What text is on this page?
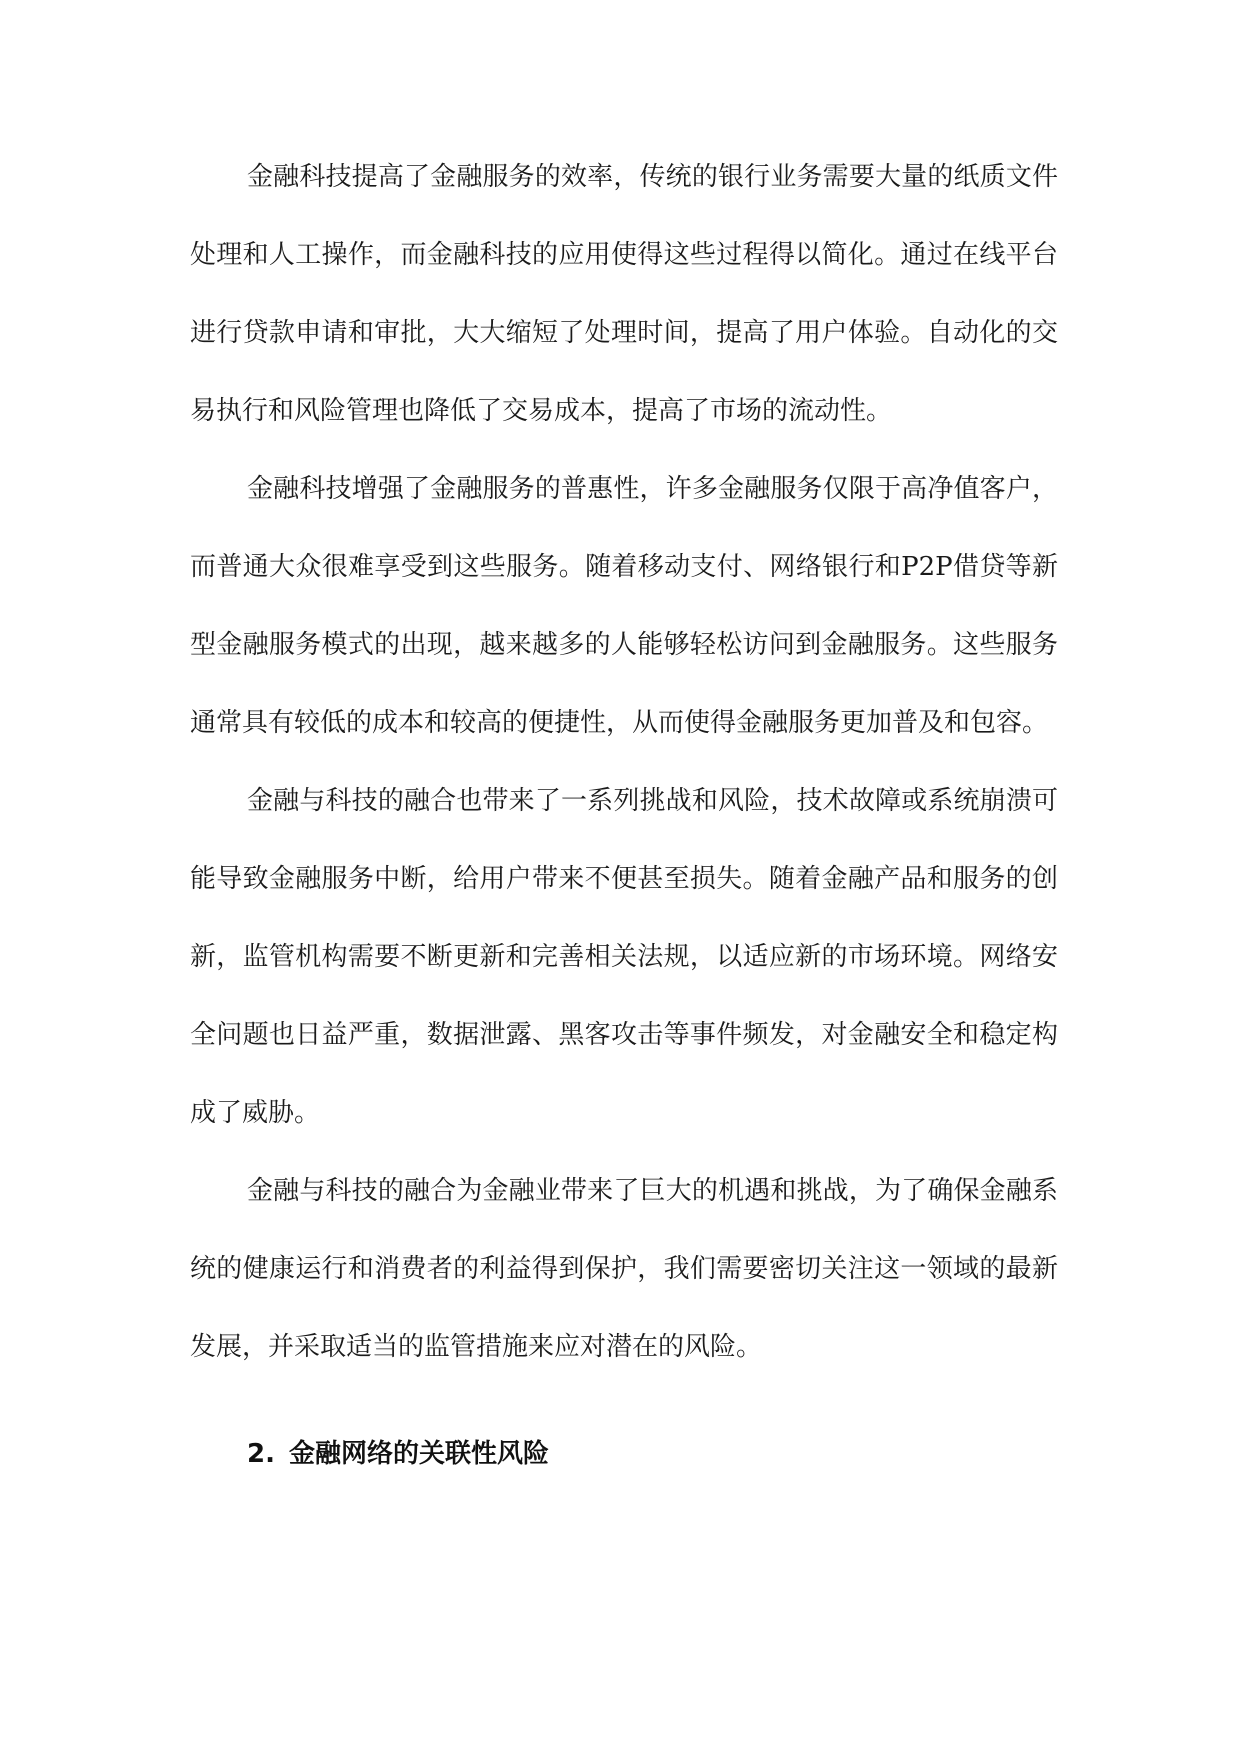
金融科技提高了金融服务的效率，传统的银行业务需要大量的纸质文件处理和人工操作，而金融科技的应用使得这些过程得以简化。通过在线平台进行贷款申请和审批，大大缩短了处理时间，提高了用户体验。自动化的交易执行和风险管理也降低了交易成本，提高了市场的流动性。

金融科技增强了金融服务的普惠性，许多金融服务仅限于高净值客户，而普通大众很难享受到这些服务。随着移动支付、网络银行和P2P借贷等新型金融服务模式的出现，越来越多的人能够轻松访问到金融服务。这些服务通常具有较低的成本和较高的便捷性，从而使得金融服务更加普及和包容。

金融与科技的融合也带来了一系列挑战和风险，技术故障或系统崩溃可能导致金融服务中断，给用户带来不便甚至损失。随着金融产品和服务的创新，监管机构需要不断更新和完善相关法规，以适应新的市场环境。网络安全问题也日益严重，数据泄露、黑客攻击等事件频发，对金融安全和稳定构成了威胁。

金融与科技的融合为金融业带来了巨大的机遇和挑战，为了确保金融系统的健康运行和消费者的利益得到保护，我们需要密切关注这一领域的最新发展，并采取适当的监管措施来应对潜在的风险。

2. 金融网络的关联性风险
